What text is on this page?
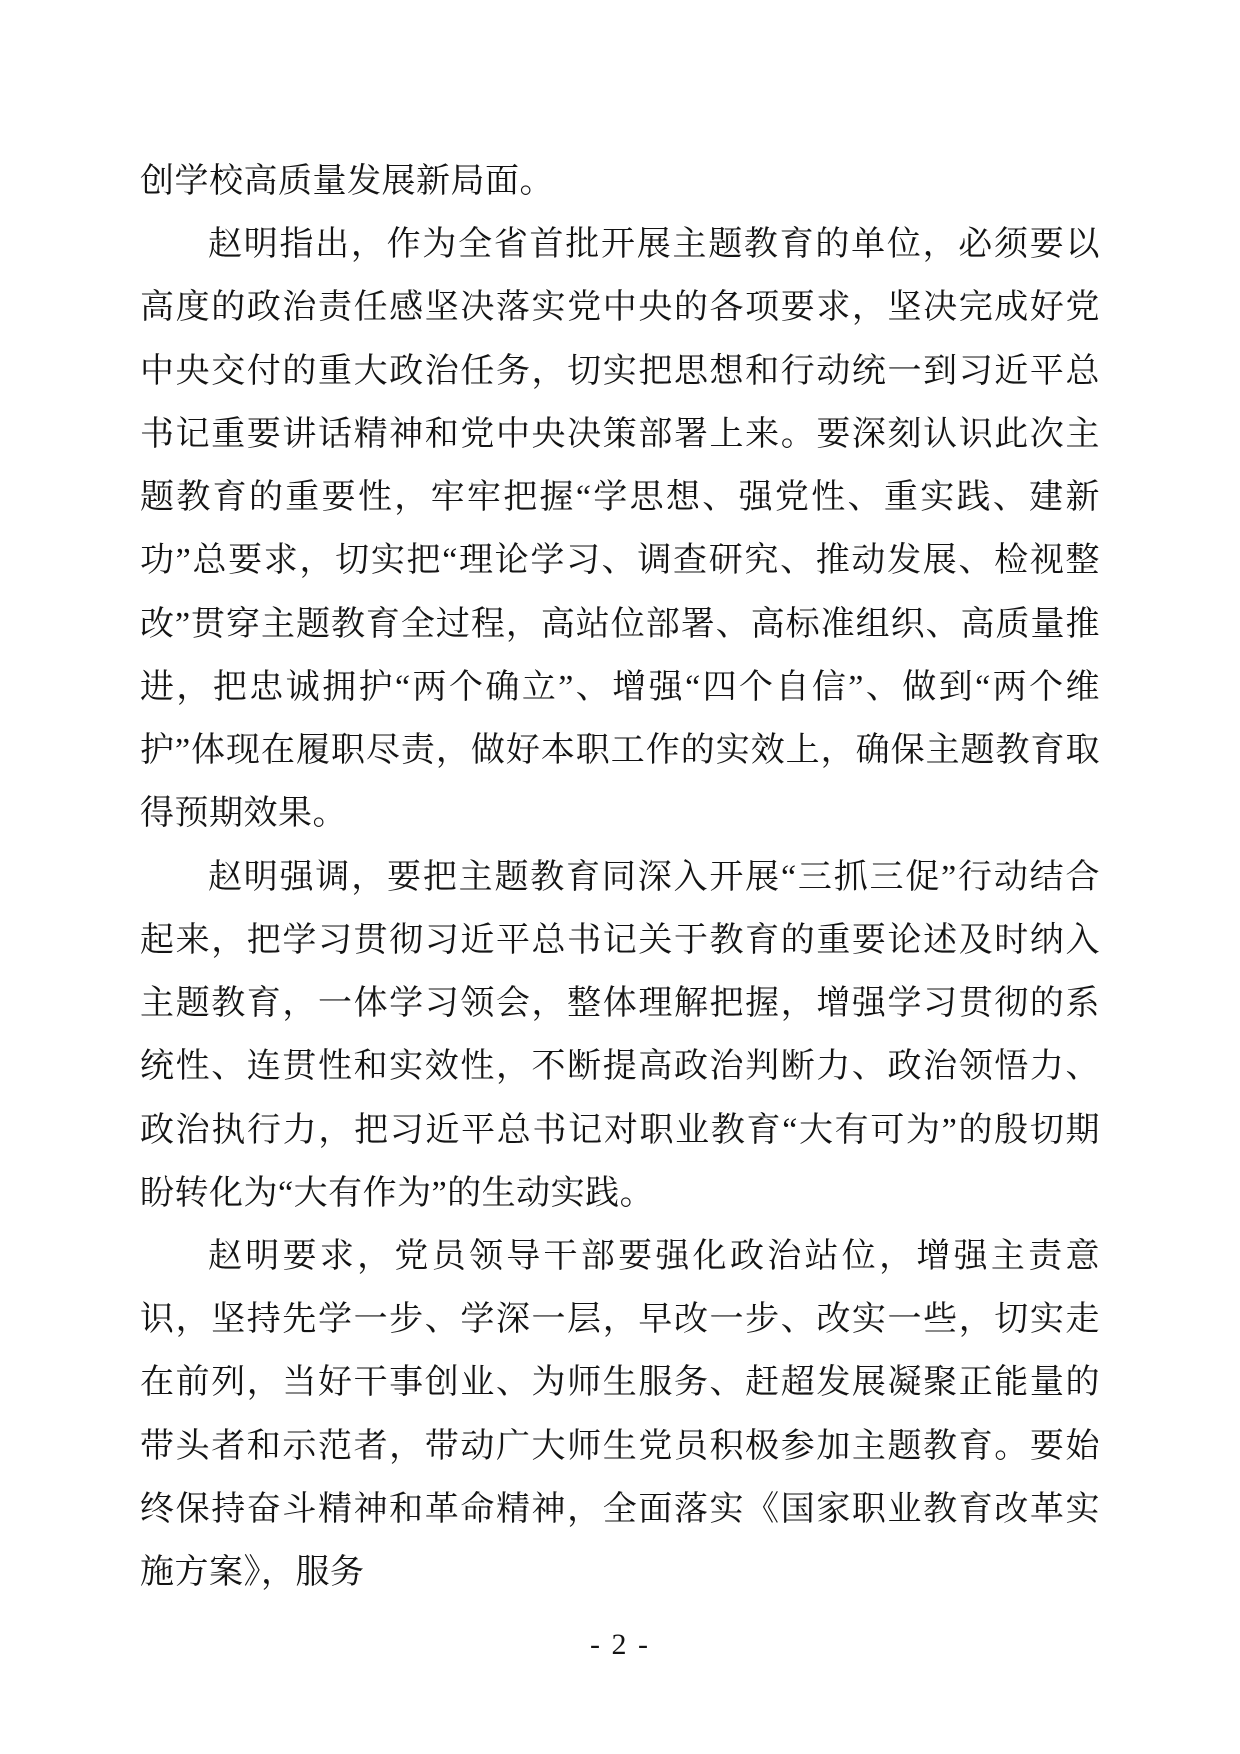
创学校高质量发展新局面。

赵明指出，作为全省首批开展主题教育的单位，必须要以高度的政治责任感坚决落实党中央的各项要求，坚决完成好党中央交付的重大政治任务，切实把思想和行动统一到习近平总书记重要讲话精神和党中央决策部署上来。要深刻认识此次主题教育的重要性，牢牢把握“学思想、强党性、重实践、建新功”总要求，切实把“理论学习、调查研究、推动发展、检视整改”贯穿主题教育全过程，高站位部署、高标准组织、高质量推进，把忠诚拥护“两个确立”、增强“四个自信”、做到“两个维护”体现在履职尽责，做好本职工作的实效上，确保主题教育取得预期效果。

赵明强调，要把主题教育同深入开展“三抓三促”行动结合起来，把学习贯彻习近平总书记关于教育的重要论述及时纳入主题教育，一体学习领会，整体理解把握，增强学习贯彻的系统性、连贯性和实效性，不断提高政治判断力、政治领悟力、政治执行力，把习近平总书记对职业教育“大有可为”的殷切期盼转化为“大有作为”的生动实践。

赵明要求，党员领导干部要强化政治站位，增强主责意识，坚持先学一步、学深一层，早改一步、改实一些，切实走在前列，当好干事创业、为师生服务、赶超发展凝聚正能量的带头者和示范者，带动广大师生党员积极参加主题教育。要始终保持奋斗精神和革命精神，全面落实《国家职业教育改革实施方案》，服务

- 2 -
